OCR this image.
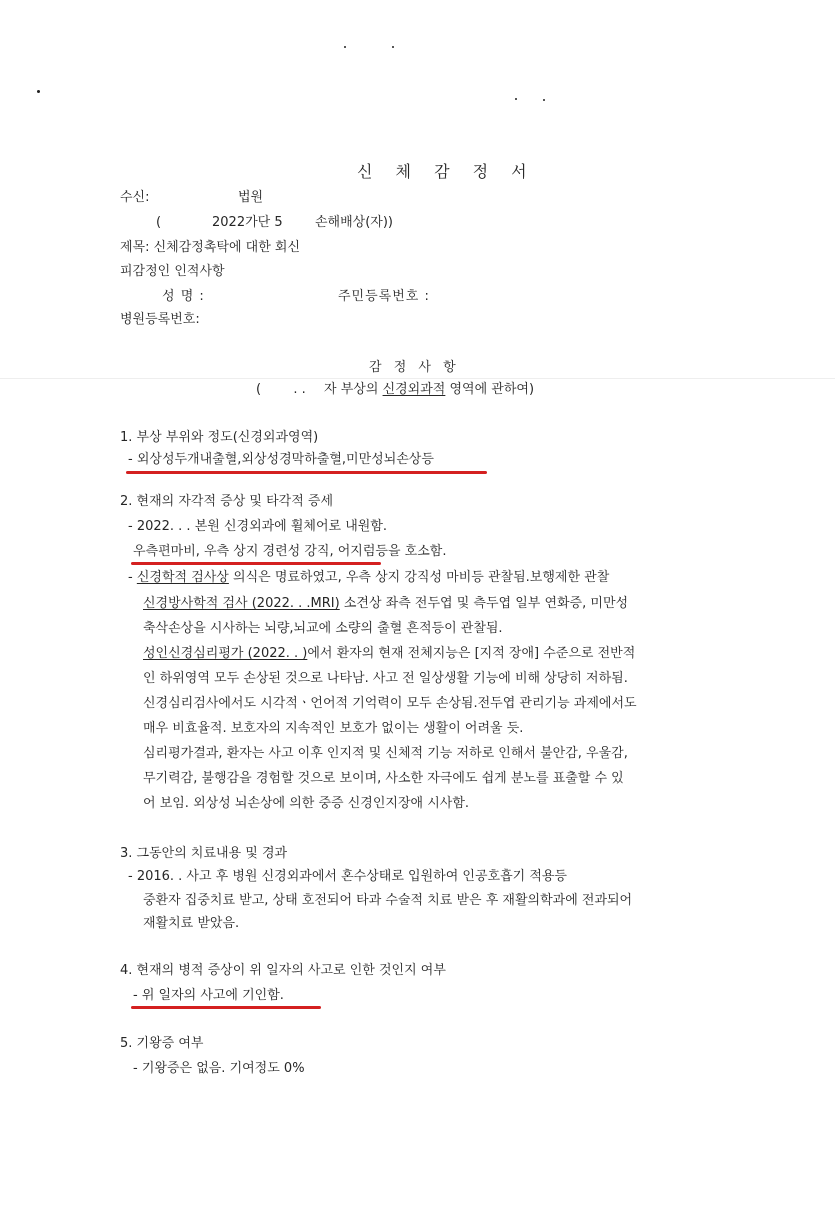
신 체 감 정 서
수신:	법원
(	2022가단 5 손해배상(자))
제목: 신체감정촉탁에 대한 회신
피감정인 인적사항
성 명 :	주민등록번호 :
병원등록번호:
감 정 사 항
( . . 자 부상의 신경외과적 영역에 관하여)
1. 부상 부위와 정도(신경외과영역)
- 외상성두개내출혈,외상성경막하출혈,미만성뇌손상등
2. 현재의 자각적 증상 및 타각적 증세
- 2022. . . 본원 신경외과에 휠체어로 내원함.
우측편마비, 우측 상지 경련성 강직, 어지럼등을 호소함.
- 신경학적 검사상 의식은 명료하였고, 우측 상지 강직성 마비등 관찰됨.보행제한 관찰
신경방사학적 검사 (2022. . .MRI) 소견상 좌측 전두엽 및 측두엽 일부 연화증, 미만성
축삭손상을 시사하는 뇌량,뇌교에 소량의 출혈 흔적등이 관찰됨.
성인신경심리평가 (2022. . )에서 환자의 현재 전체지능은 [지적 장애] 수준으로 전반적
인 하위영역 모두 손상된 것으로 나타남. 사고 전 일상생활 기능에 비해 상당히 저하됨.
신경심리검사에서도 시각적ㆍ언어적 기억력이 모두 손상됨.전두엽 관리기능 과제에서도
매우 비효율적. 보호자의 지속적인 보호가 없이는 생활이 어려울 듯.
심리평가결과, 환자는 사고 이후 인지적 및 신체적 기능 저하로 인해서 불안감, 우울감,
무기력감, 불행감을 경험할 것으로 보이며, 사소한 자극에도 쉽게 분노를 표출할 수 있
어 보임. 외상성 뇌손상에 의한 중증 신경인지장애 시사함.
3. 그동안의 치료내용 및 경과
- 2016. . 사고 후 병원 신경외과에서 혼수상태로 입원하여 인공호흡기 적용등
중환자 집중치료 받고, 상태 호전되어 타과 수술적 치료 받은 후 재활의학과에 전과되어
재활치료 받았음.
4. 현재의 병적 증상이 위 일자의 사고로 인한 것인지 여부
- 위 일자의 사고에 기인함.
5. 기왕증 여부
- 기왕증은 없음. 기여정도 0%
